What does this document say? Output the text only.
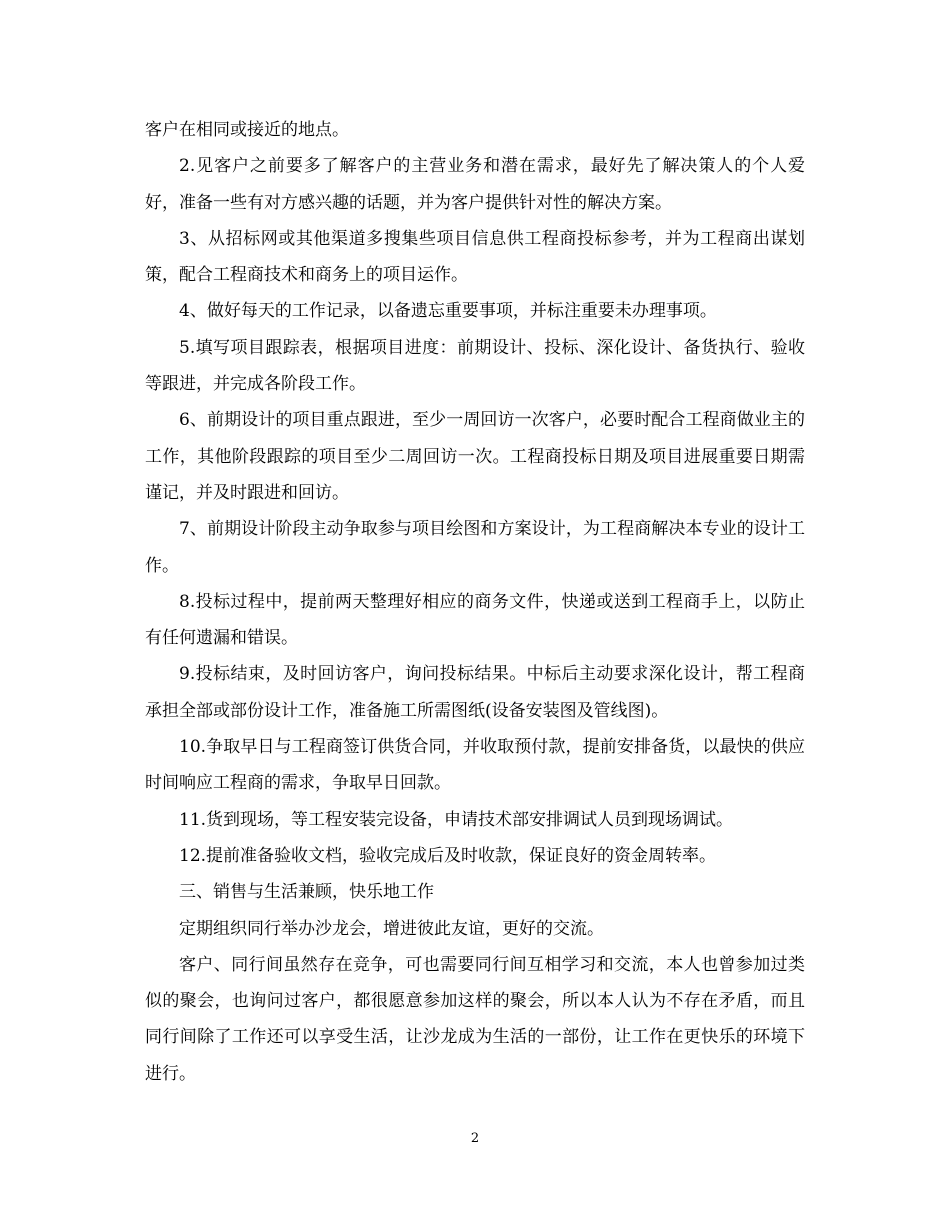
客户在相同或接近的地点。

2.见客户之前要多了解客户的主营业务和潜在需求，最好先了解决策人的个人爱好，准备一些有对方感兴趣的话题，并为客户提供针对性的解决方案。

3、从招标网或其他渠道多搜集些项目信息供工程商投标参考，并为工程商出谋划策，配合工程商技术和商务上的项目运作。

4、做好每天的工作记录，以备遗忘重要事项，并标注重要未办理事项。

5.填写项目跟踪表，根据项目进度：前期设计、投标、深化设计、备货执行、验收等跟进，并完成各阶段工作。

6、前期设计的项目重点跟进，至少一周回访一次客户，必要时配合工程商做业主的工作，其他阶段跟踪的项目至少二周回访一次。工程商投标日期及项目进展重要日期需谨记，并及时跟进和回访。

7、前期设计阶段主动争取参与项目绘图和方案设计，为工程商解决本专业的设计工作。

8.投标过程中，提前两天整理好相应的商务文件，快递或送到工程商手上，以防止有任何遗漏和错误。

9.投标结束，及时回访客户，询问投标结果。中标后主动要求深化设计，帮工程商承担全部或部份设计工作，准备施工所需图纸(设备安装图及管线图)。

10.争取早日与工程商签订供货合同，并收取预付款，提前安排备货，以最快的供应时间响应工程商的需求，争取早日回款。

11.货到现场，等工程安装完设备，申请技术部安排调试人员到现场调试。

12.提前准备验收文档，验收完成后及时收款，保证良好的资金周转率。

三、销售与生活兼顾，快乐地工作

定期组织同行举办沙龙会，增进彼此友谊，更好的交流。

客户、同行间虽然存在竞争，可也需要同行间互相学习和交流，本人也曾参加过类似的聚会，也询问过客户，都很愿意参加这样的聚会，所以本人认为不存在矛盾，而且同行间除了工作还可以享受生活，让沙龙成为生活的一部份，让工作在更快乐的环境下进行。

2
